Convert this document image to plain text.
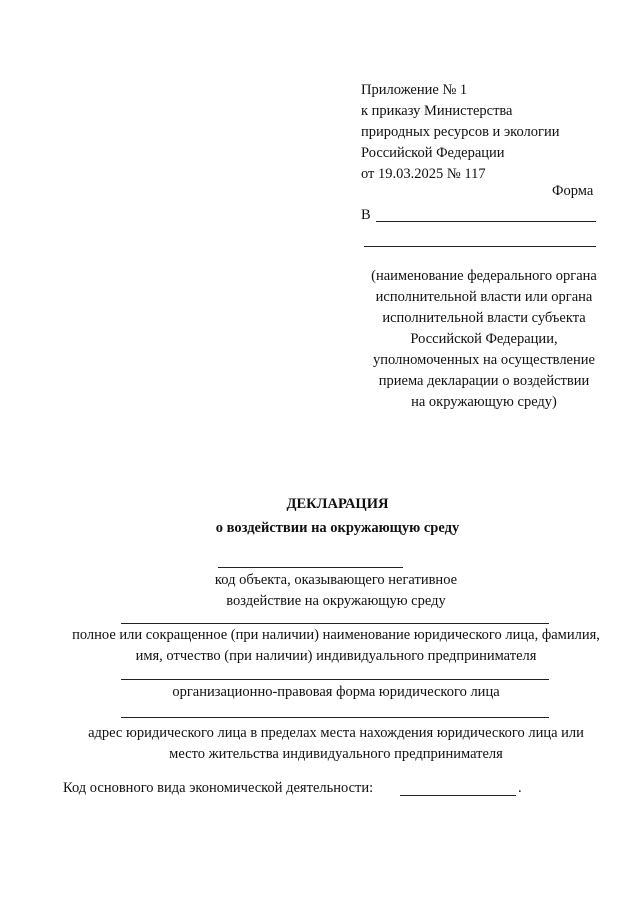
Приложение № 1
к приказу Министерства
природных ресурсов и экологии
Российской Федерации
от 19.03.2025 № 117
Форма
В
(наименование федерального органа
исполнительной власти или органа
исполнительной власти субъекта
Российской Федерации,
уполномоченных на осуществление
приема декларации о воздействии
на окружающую среду)
ДЕКЛАРАЦИЯ
о воздействии на окружающую среду
код объекта, оказывающего негативное
воздействие на окружающую среду
полное или сокращенное (при наличии) наименование юридического лица, фамилия,
имя, отчество (при наличии) индивидуального предпринимателя
организационно-правовая форма юридического лица
адрес юридического лица в пределах места нахождения юридического лица или
место жительства индивидуального предпринимателя
Код основного вида экономической деятельности:	.
